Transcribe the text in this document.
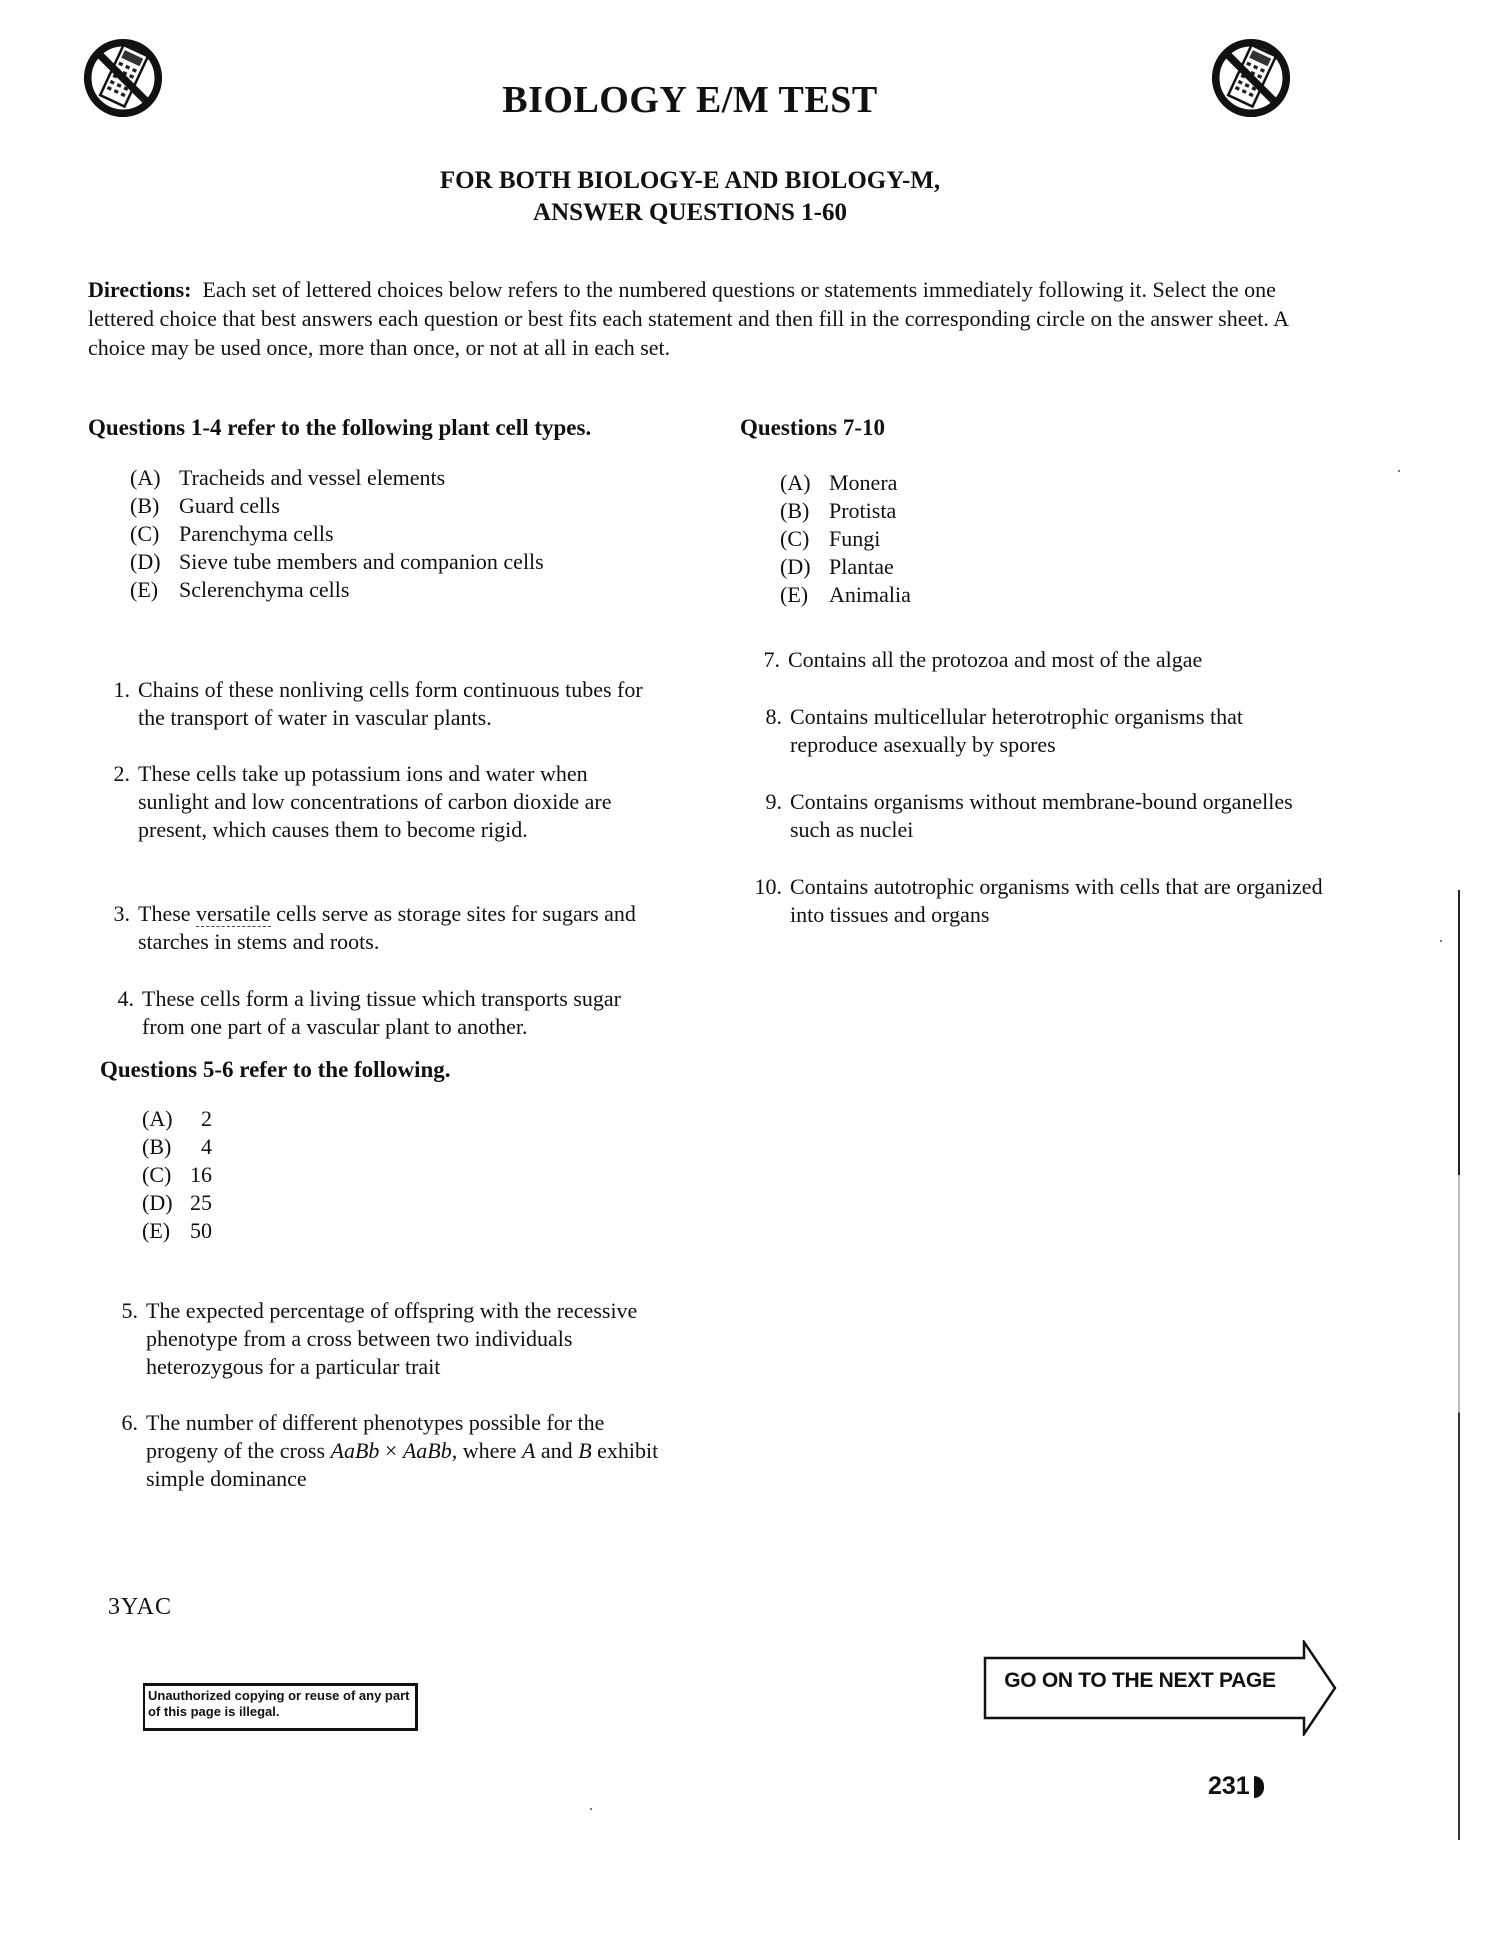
BIOLOGY E/M TEST
FOR BOTH BIOLOGY-E AND BIOLOGY-M,
ANSWER QUESTIONS 1-60
Directions: Each set of lettered choices below refers to the numbered questions or statements immediately following it. Select the one lettered choice that best answers each question or best fits each statement and then fill in the corresponding circle on the answer sheet. A choice may be used once, more than once, or not at all in each set.
Questions 1-4 refer to the following plant cell types.
(A) Tracheids and vessel elements
(B) Guard cells
(C) Parenchyma cells
(D) Sieve tube members and companion cells
(E) Sclerenchyma cells
1. Chains of these nonliving cells form continuous tubes for the transport of water in vascular plants.
2. These cells take up potassium ions and water when sunlight and low concentrations of carbon dioxide are present, which causes them to become rigid.
3. These versatile cells serve as storage sites for sugars and starches in stems and roots.
4. These cells form a living tissue which transports sugar from one part of a vascular plant to another.
Questions 5-6 refer to the following.
(A)	2
(B)	4
(C) 16
(D) 25
(E) 50
5. The expected percentage of offspring with the recessive phenotype from a cross between two individuals heterozygous for a particular trait
6. The number of different phenotypes possible for the progeny of the cross AaBb × AaBb, where A and B exhibit simple dominance
Questions 7-10
(A) Monera
(B) Protista
(C) Fungi
(D) Plantae
(E) Animalia
7. Contains all the protozoa and most of the algae
8. Contains multicellular heterotrophic organisms that reproduce asexually by spores
9. Contains organisms without membrane-bound organelles such as nuclei
10. Contains autotrophic organisms with cells that are organized into tissues and organs
3YAC
Unauthorized copying or reuse of any part of this page is illegal.
GO ON TO THE NEXT PAGE
231
